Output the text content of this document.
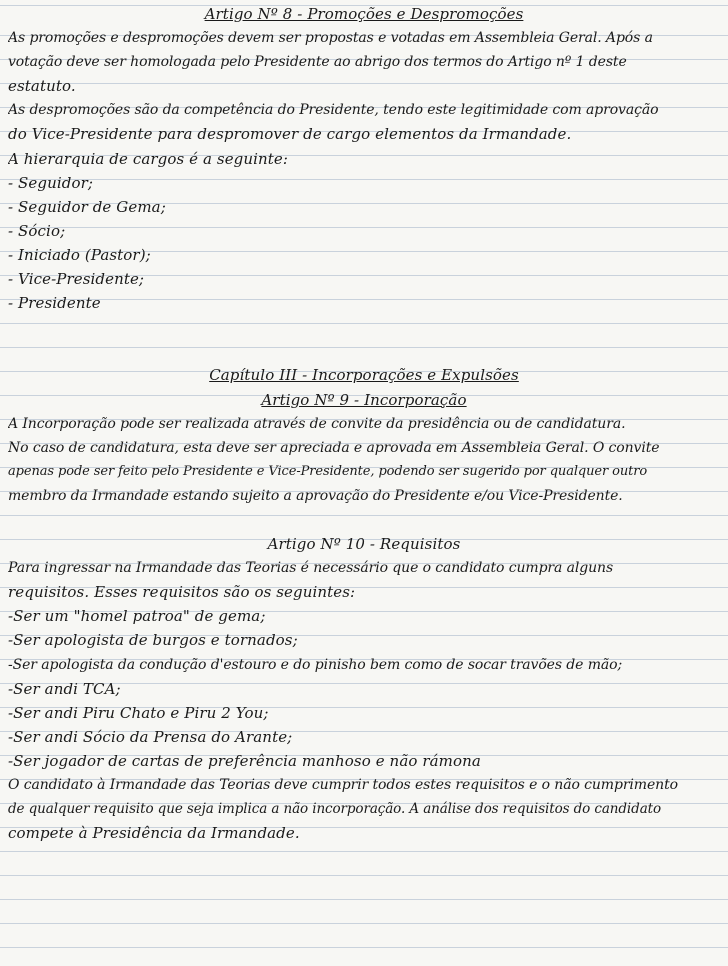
Artigo Nº 8 - Promoções e Despromoções
As promoções e despromoções devem ser propostas e votadas em Assembleia Geral. Após a
votação deve ser homologada pelo Presidente ao abrigo dos termos do Artigo nº 1 deste
estatuto.
As despromoções são da competência do Presidente, tendo este legitimidade com aprovação
do Vice-Presidente para despromover de cargo elementos da Irmandade.
A hierarquia de cargos é a seguinte:
- Seguidor;
- Seguidor de Gema;
- Sócio;
- Iniciado (Pastor);
- Vice-Presidente;
- Presidente
Capítulo III - Incorporações e Expulsões
Artigo Nº 9 - Incorporação
A Incorporação pode ser realizada através de convite da presidência ou de candidatura.
No caso de candidatura, esta deve ser apreciada e aprovada em Assembleia Geral. O convite
apenas pode ser feito pelo Presidente e Vice-Presidente, podendo ser sugerido por qualquer outro
membro da Irmandade estando sujeito a aprovação do Presidente e/ou Vice-Presidente.
Artigo Nº 10 - Requisitos
Para ingressar na Irmandade das Teorias é necessário que o candidato cumpra alguns
requisitos. Esses requisitos são os seguintes:
-Ser um "homel patroa" de gema;
-Ser apologista de burgos e tornados;
-Ser apologista da condução d'estouro e do pinisho bem como de socar travões de mão;
-Ser andi TCA;
-Ser andi Piru Chato e Piru 2 You;
-Ser andi Sócio da Prensa do Arante;
-Ser jogador de cartas de preferência manhoso e não rámona
O candidato à Irmandade das Teorias deve cumprir todos estes requisitos e o não cumprimento
de qualquer requisito que seja implica a não incorporação. A análise dos requisitos do candidato
compete à Presidência da Irmandade.
